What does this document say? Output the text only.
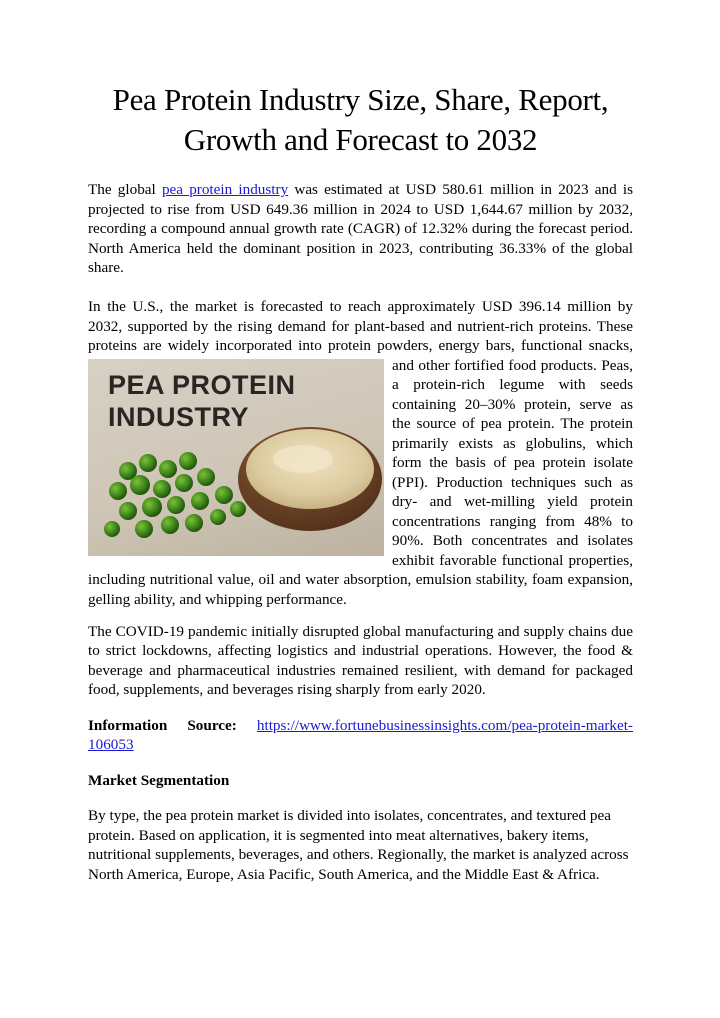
Pea Protein Industry Size, Share, Report, Growth and Forecast to 2032

The global pea protein industry was estimated at USD 580.61 million in 2023 and is projected to rise from USD 649.36 million in 2024 to USD 1,644.67 million by 2032, recording a compound annual growth rate (CAGR) of 12.32% during the forecast period. North America held the dominant position in 2023, contributing 36.33% of the global share.

The COVID-19 pandemic initially disrupted global manufacturing and supply chains due to strict lockdowns, affecting logistics and industrial operations. However, the food & beverage and pharmaceutical industries remained resilient, with demand for packaged food, supplements, and beverages rising sharply from early 2020.

Information Source: https://www.fortunebusinessinsights.com/pea-protein-market-106053

Market Segmentation

By type, the pea protein market is divided into isolates, concentrates, and textured pea protein. Based on application, it is segmented into meat alternatives, bakery items, nutritional supplements, beverages, and others. Regionally, the market is analyzed across North America, Europe, Asia Pacific, South America, and the Middle East & Africa.

In the U.S., the market is forecasted to reach approximately USD 396.14 million by 2032, supported by the rising demand for plant-based and nutrient-rich proteins. These proteins are widely incorporated into protein powders, energy
PEA PROTEIN
INDUSTRY
bars, functional snacks, and other fortified food products. Peas, a protein-rich legume with seeds containing 20–30% protein, serve as the source of pea protein. The protein primarily exists as globulins, which form the basis of pea protein isolate (PPI). Production techniques such as dry- and wet-milling yield protein concentrations ranging from 48% to 90%. Both concentrates and isolates exhibit favorable functional properties, including nutritional value, oil and water absorption, emulsion stability, foam expansion, gelling ability, and whipping performance.
